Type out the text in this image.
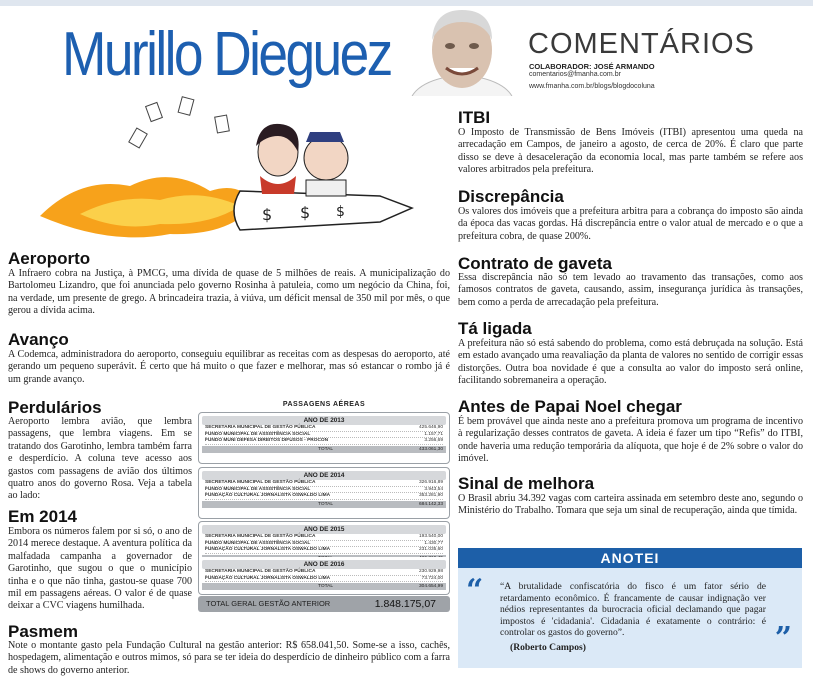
Murillo Dieguez	COMENTÁRIOS
COLABORADOR: JOSÉ ARMANDO
comentarios@fmanha.com.br
www.fmanha.com.br/blogs/blogdocoluna
$ $ $
Aeroporto
A Infraero cobra na Justiça, à PMCG, uma dívida de quase de 5 milhões de reais. A municipalização do Bartolomeu Lizandro, que foi anunciada pelo governo Rosinha à patuleia, como um negócio da China, foi, na verdade, um presente de grego. A brincadeira trazia, à viúva, um déficit mensal de 350 mil por mês, o que gerou a dívida acima.
Avanço
A Codemca, administradora do aeroporto, conseguiu equilibrar as receitas com as despesas do aeroporto, até gerando um pequeno superávit. É certo que há muito o que fazer e melhorar, mas só estancar o rombo já é um grande avanço.
Perdulários
Aeroporto lembra avião, que lembra passagens, que lembra viagens. Em se tratando dos Garotinho, lembra também farra e desperdício. A coluna teve acesso aos gastos com passagens de avião dos últimos quatro anos do governo Rosa. Veja a tabela ao lado:
Em 2014
Embora os números falem por si só, o ano de 2014 merece destaque. A aventura política da malfadada campanha a governador de Garotinho, que sugou o que o município tinha e o que não tinha, gastou-se quase 700 mil em passagens aéreas. O valor é de quase deixar a CVC viagens humilhada.
Pasmem
Note o montante gasto pela Fundação Cultural na gestão anterior: R$ 658.041,50. Some-se a isso, cachês, hospedagem, alimentação e outros mimos, só para se ter ideia do desperdício de dinheiro público com a farra de shows do governo anterior.
PASSAGENS AÉREAS
ANO DE 2013
SECRETARIA MUNICIPAL DE GESTÃO PÚBLICA	425.646,90
FUNDO MUNICIPAL DE ASSISTÊNCIA SOCIAL	1.157,71
FUNDO MUNI DEFESA DIREITOS DIFUSOS - PROCON	3.256,69
TOTAL	433.061,30
ANO DE 2014
SECRETARIA MUNICIPAL DE GESTÃO PÚBLICA	326.916,89
FUNDO MUNICIPAL DE ASSISTÊNCIA SOCIAL	3.943,54
FUNDAÇÃO CULTURAL JORNALISTA OSWALDO LIMA	353.281,90
TOTAL	684.142,33
ANO DE 2015
SECRETARIA MUNICIPAL DE GESTÃO PÚBLICA	193.540,00
FUNDO MUNICIPAL DE ASSISTÊNCIA SOCIAL	1.430,77
FUNDAÇÃO CULTURAL JORNALISTA OSWALDO LIMA	231.035,60
ANO DE 2016
SECRETARIA MUNICIPAL DE GESTÃO PÚBLICA	230.929,98
FUNDAÇÃO CULTURAL JORNALISTA OSWALDO LIMA	73.724,00
TOTAL	304.654,99
TOTAL GERAL GESTÃO ANTERIOR	1.848.175,07
ITBI
O Imposto de Transmissão de Bens Imóveis (ITBI) apresentou uma queda na arrecadação em Campos, de janeiro a agosto, de cerca de 20%. É claro que parte disso se deve à desaceleração da economia local, mas parte também se refere aos valores arbitrados pela prefeitura.
Discrepância
Os valores dos imóveis que a prefeitura arbitra para a cobrança do imposto são ainda da época das vacas gordas. Há discrepância entre o valor atual de mercado e o que a prefeitura cobra, de quase 200%.
Contrato de gaveta
Essa discrepância não só tem levado ao travamento das transações, como aos famosos contratos de gaveta, causando, assim, insegurança jurídica às transações, bem como a perda de arrecadação pela prefeitura.
Tá ligada
A prefeitura não só está sabendo do problema, como está debruçada na solução. Está em estado avançado uma reavaliação da planta de valores no sentido de corrigir essas distorções. Outra boa novidade é que a consulta ao valor do imposto será online, facilitando sobremaneira a operação.
Antes de Papai Noel chegar
É bem provável que ainda neste ano a prefeitura promova um programa de incentivo à regularização desses contratos de gaveta. A ideia é fazer um tipo “Refis” do ITBI, onde haveria uma redução temporária da alíquota, que hoje é de 2% sobre o valor do imóvel.
Sinal de melhora
O Brasil abriu 34.392 vagas com carteira assinada em setembro deste ano, segundo o Ministério do Trabalho. Tomara que seja um sinal de recuperação, ainda que tímida.
ANOTEI
“ “A brutalidade confiscatória do fisco é um fator sério de retardamento econômico. É francamente de causar indignação ver nédios representantes da burocracia oficial declamando que pagar impostos é 'cidadania'. Cidadania é exatamente o contrário: é controlar os gastos do governo”.
(Roberto Campos)	”
